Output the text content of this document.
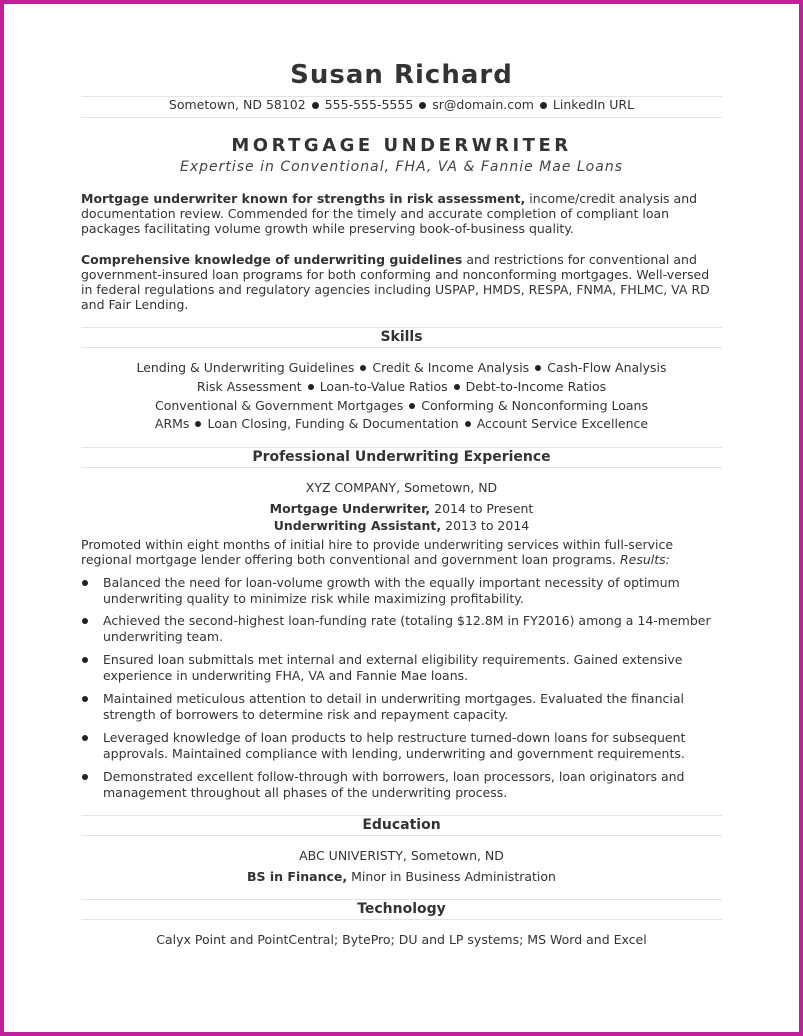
Susan Richard
Sometown, ND 58102 555-555-5555 sr@domain.com LinkedIn URL
MORTGAGE UNDERWRITER
Expertise in Conventional, FHA, VA & Fannie Mae Loans
Mortgage underwriter known for strengths in risk assessment, income/credit analysis and documentation review. Commended for the timely and accurate completion of compliant loan packages facilitating volume growth while preserving book-of-business quality.
Comprehensive knowledge of underwriting guidelines and restrictions for conventional and government-insured loan programs for both conforming and nonconforming mortgages. Well-versed in federal regulations and regulatory agencies including USPAP, HMDS, RESPA, FNMA, FHLMC, VA RD and Fair Lending.
Skills
Lending & Underwriting Guidelines Credit & Income Analysis Cash-Flow Analysis
Risk Assessment Loan-to-Value Ratios Debt-to-Income Ratios
Conventional & Government Mortgages Conforming & Nonconforming Loans
ARMs Loan Closing, Funding & Documentation Account Service Excellence
Professional Underwriting Experience
XYZ COMPANY, Sometown, ND
Mortgage Underwriter, 2014 to Present
Underwriting Assistant, 2013 to 2014
Promoted within eight months of initial hire to provide underwriting services within full-service regional mortgage lender offering both conventional and government loan programs. Results:
Balanced the need for loan-volume growth with the equally important necessity of optimum underwriting quality to minimize risk while maximizing profitability.
Achieved the second-highest loan-funding rate (totaling $12.8M in FY2016) among a 14-member underwriting team.
Ensured loan submittals met internal and external eligibility requirements. Gained extensive experience in underwriting FHA, VA and Fannie Mae loans.
Maintained meticulous attention to detail in underwriting mortgages. Evaluated the financial strength of borrowers to determine risk and repayment capacity.
Leveraged knowledge of loan products to help restructure turned-down loans for subsequent approvals. Maintained compliance with lending, underwriting and government requirements.
Demonstrated excellent follow-through with borrowers, loan processors, loan originators and management throughout all phases of the underwriting process.
Education
ABC UNIVERISTY, Sometown, ND
BS in Finance, Minor in Business Administration
Technology
Calyx Point and PointCentral; BytePro; DU and LP systems; MS Word and Excel
